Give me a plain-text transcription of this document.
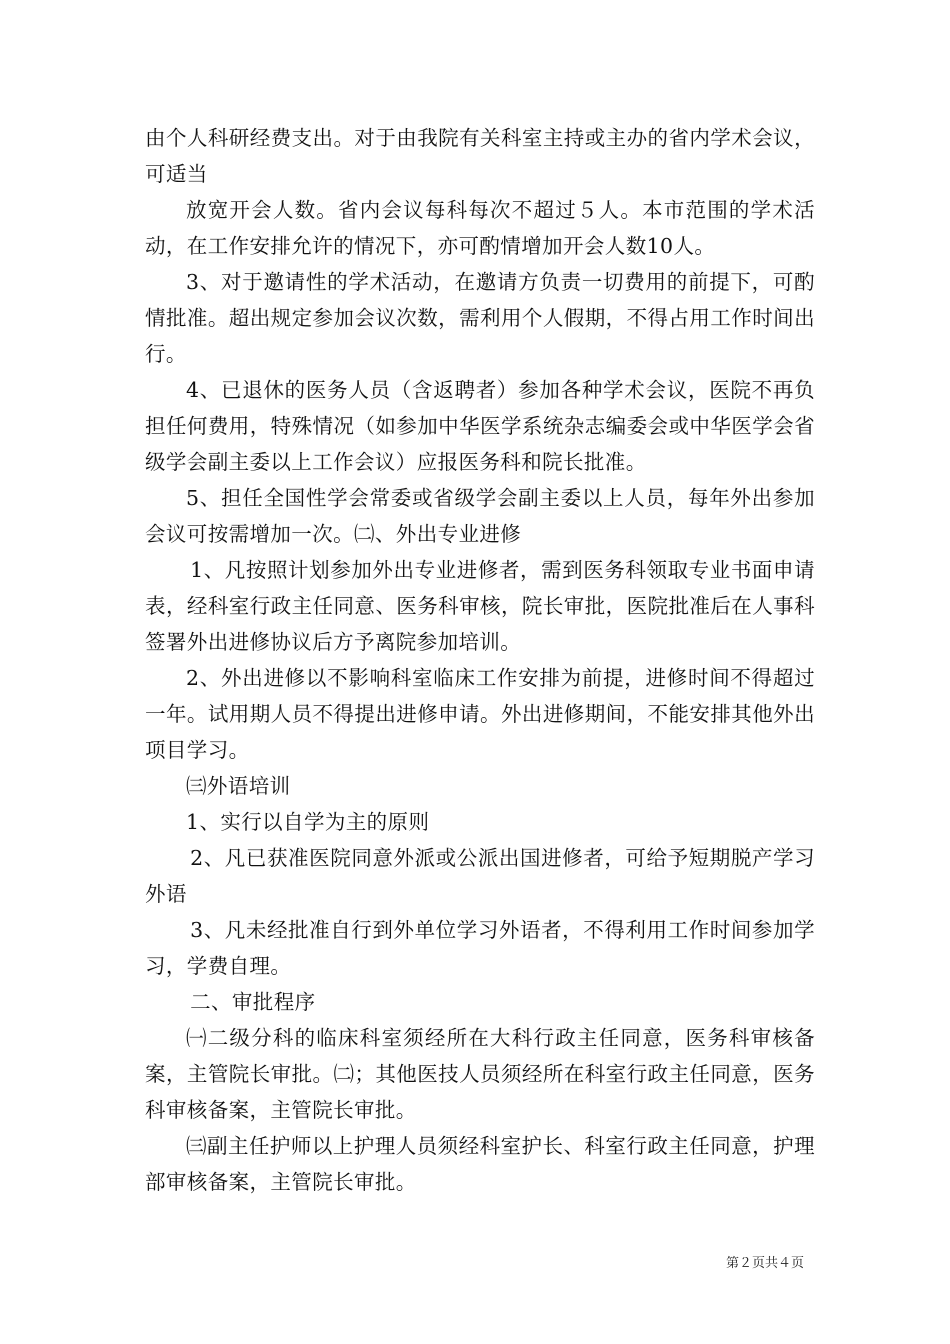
由个人科研经费支出。对于由我院有关科室主持或主办的省内学术会议，可适当

放宽开会人数。省内会议每科每次不超过５人。本市范围的学术活动，在工作安排允许的情况下，亦可酌情增加开会人数10人。

3、对于邀请性的学术活动，在邀请方负责一切费用的前提下，可酌情批准。超出规定参加会议次数，需利用个人假期，不得占用工作时间出行。

4、已退休的医务人员（含返聘者）参加各种学术会议，医院不再负担任何费用，特殊情况（如参加中华医学系统杂志编委会或中华医学会省级学会副主委以上工作会议）应报医务科和院长批准。

5、担任全国性学会常委或省级学会副主委以上人员，每年外出参加会议可按需增加一次。㈡、外出专业进修

1、凡按照计划参加外出专业进修者，需到医务科领取专业书面申请表，经科室行政主任同意、医务科审核，院长审批，医院批准后在人事科签署外出进修协议后方予离院参加培训。

2、外出进修以不影响科室临床工作安排为前提，进修时间不得超过一年。试用期人员不得提出进修申请。外出进修期间，不能安排其他外出项目学习。

㈢外语培训

1、实行以自学为主的原则

2、凡已获准医院同意外派或公派出国进修者，可给予短期脱产学习外语

3、凡未经批准自行到外单位学习外语者，不得利用工作时间参加学习，学费自理。

二、审批程序

㈠二级分科的临床科室须经所在大科行政主任同意，医务科审核备案，主管院长审批。㈡；其他医技人员须经所在科室行政主任同意，医务科审核备案，主管院长审批。

㈢副主任护师以上护理人员须经科室护长、科室行政主任同意，护理部审核备案，主管院长审批。

第２页共４页
